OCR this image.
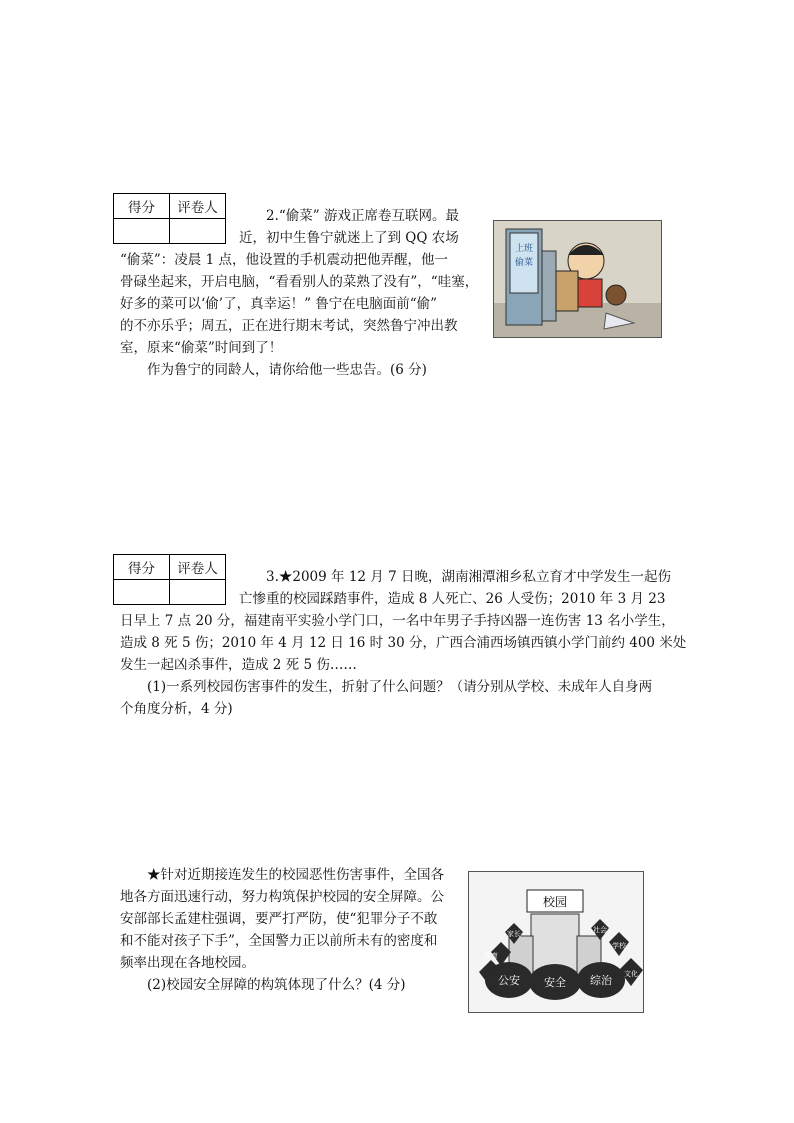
得分	评卷人
		2.“偷菜” 游戏正席卷互联网。最
近，初中生鲁宁就迷上了到 QQ 农场
“偷菜”：凌晨 1 点，他设置的手机震动把他弄醒，他一
骨碌坐起来，开启电脑，“看看别人的菜熟了没有”，“哇塞，
好多的菜可以‘偷’了，真幸运！” 鲁宁在电脑面前“偷”
的不亦乐乎；周五，正在进行期末考试，突然鲁宁冲出教
室，原来“偷菜”时间到了！
作为鲁宁的同龄人，请你给他一些忠告。(6 分)
上班
偷菜
得分	评卷人
		3.★2009 年 12 月 7 日晚，湖南湘潭湘乡私立育才中学发生一起伤
亡惨重的校园踩踏事件，造成 8 人死亡、26 人受伤；2010 年 3 月 23
日早上 7 点 20 分，福建南平实验小学门口，一名中年男子手持凶器一连伤害 13 名小学生，
造成 8 死 5 伤；2010 年 4 月 12 日 16 时 30 分，广西合浦西场镇西镇小学门前约 400 米处
发生一起凶杀事件，造成 2 死 5 伤……
(1)一系列校园伤害事件的发生，折射了什么问题？（请分别从学校、未成年人自身两
个角度分析，4 分)
★针对近期接连发生的校园恶性伤害事件，全国各
地各方面迅速行动，努力构筑保护校园的安全屏障。公
安部部长孟建柱强调，要严打严防，使“犯罪分子不敢
和不能对孩子下手”，全国警力正以前所未有的密度和
频率出现在各地校园。
(2)校园安全屏障的构筑体现了什么？(4 分)
校园
公安 安全 综治
教育
家长	社会
学校
文化
